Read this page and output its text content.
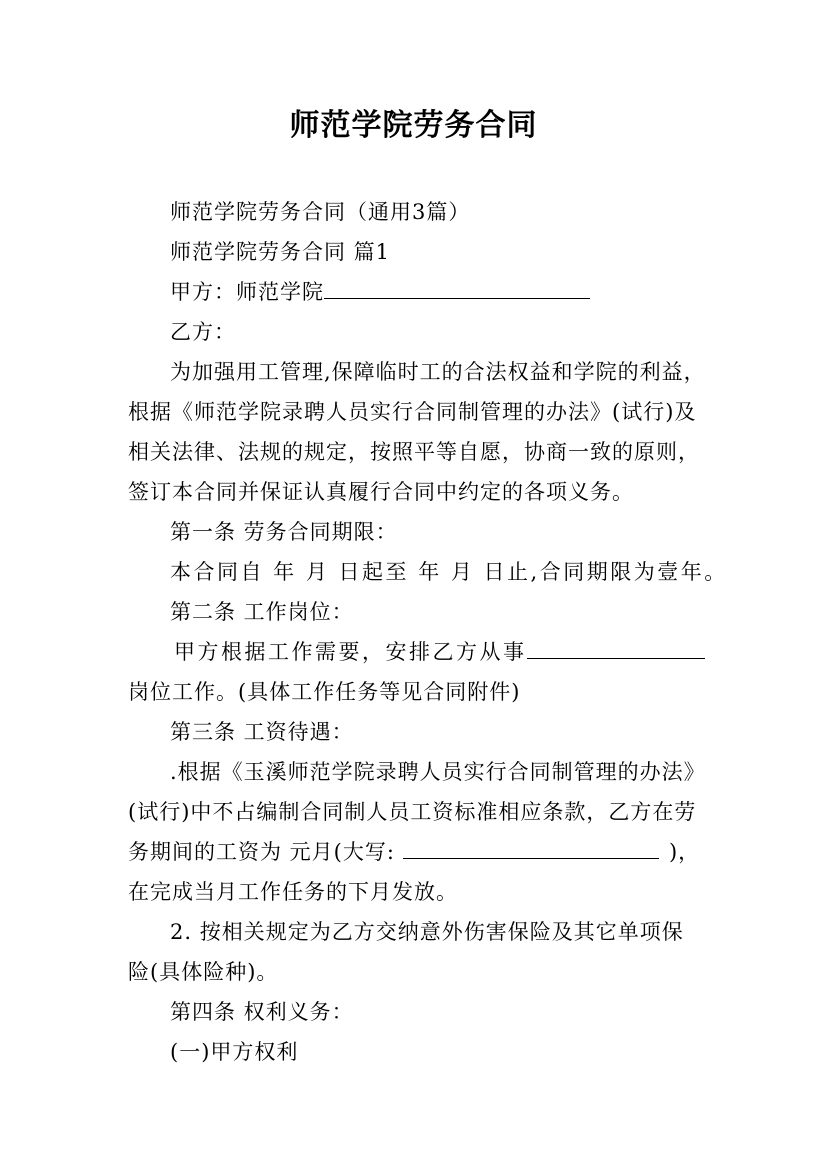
师范学院劳务合同
师范学院劳务合同（通用3篇）
师范学院劳务合同 篇1
甲方：师范学院
乙方：
为加强用工管理,保障临时工的合法权益和学院的利益，
根据《师范学院录聘人员实行合同制管理的办法》(试行)及
相关法律、法规的规定，按照平等自愿，协商一致的原则，
签订本合同并保证认真履行合同中约定的各项义务。
第一条 劳务合同期限：
本合同自 年 月 日起至 年 月 日止,合同期限为壹年。
第二条 工作岗位：
甲方根据工作需要，安排乙方从事
岗位工作。(具体工作任务等见合同附件)
第三条 工资待遇：
.根据《玉溪师范学院录聘人员实行合同制管理的办法》
(试行)中不占编制合同制人员工资标准相应条款，乙方在劳
务期间的工资为 元月(大写:	)，
在完成当月工作任务的下月发放。
2. 按相关规定为乙方交纳意外伤害保险及其它单项保
险(具体险种)。
第四条 权利义务：
(一)甲方权利
